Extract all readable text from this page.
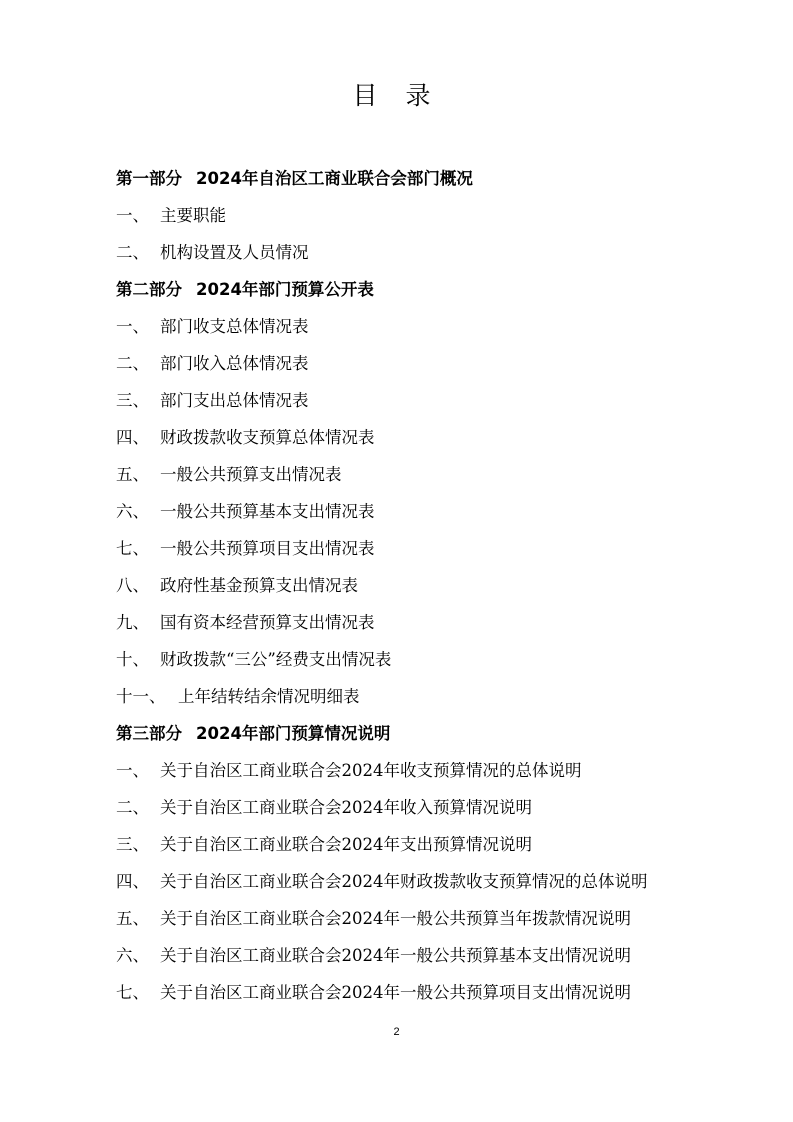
目 录
第一部分 2024年自治区工商业联合会部门概况
一、 主要职能
二、 机构设置及人员情况
第二部分 2024年部门预算公开表
一、 部门收支总体情况表
二、 部门收入总体情况表
三、 部门支出总体情况表
四、 财政拨款收支预算总体情况表
五、 一般公共预算支出情况表
六、 一般公共预算基本支出情况表
七、 一般公共预算项目支出情况表
八、 政府性基金预算支出情况表
九、 国有资本经营预算支出情况表
十、 财政拨款“三公”经费支出情况表
十一、 上年结转结余情况明细表
第三部分 2024年部门预算情况说明
一、 关于自治区工商业联合会2024年收支预算情况的总体说明
二、 关于自治区工商业联合会2024年收入预算情况说明
三、 关于自治区工商业联合会2024年支出预算情况说明
四、 关于自治区工商业联合会2024年财政拨款收支预算情况的总体说明
五、 关于自治区工商业联合会2024年一般公共预算当年拨款情况说明
六、 关于自治区工商业联合会2024年一般公共预算基本支出情况说明
七、 关于自治区工商业联合会2024年一般公共预算项目支出情况说明
2
